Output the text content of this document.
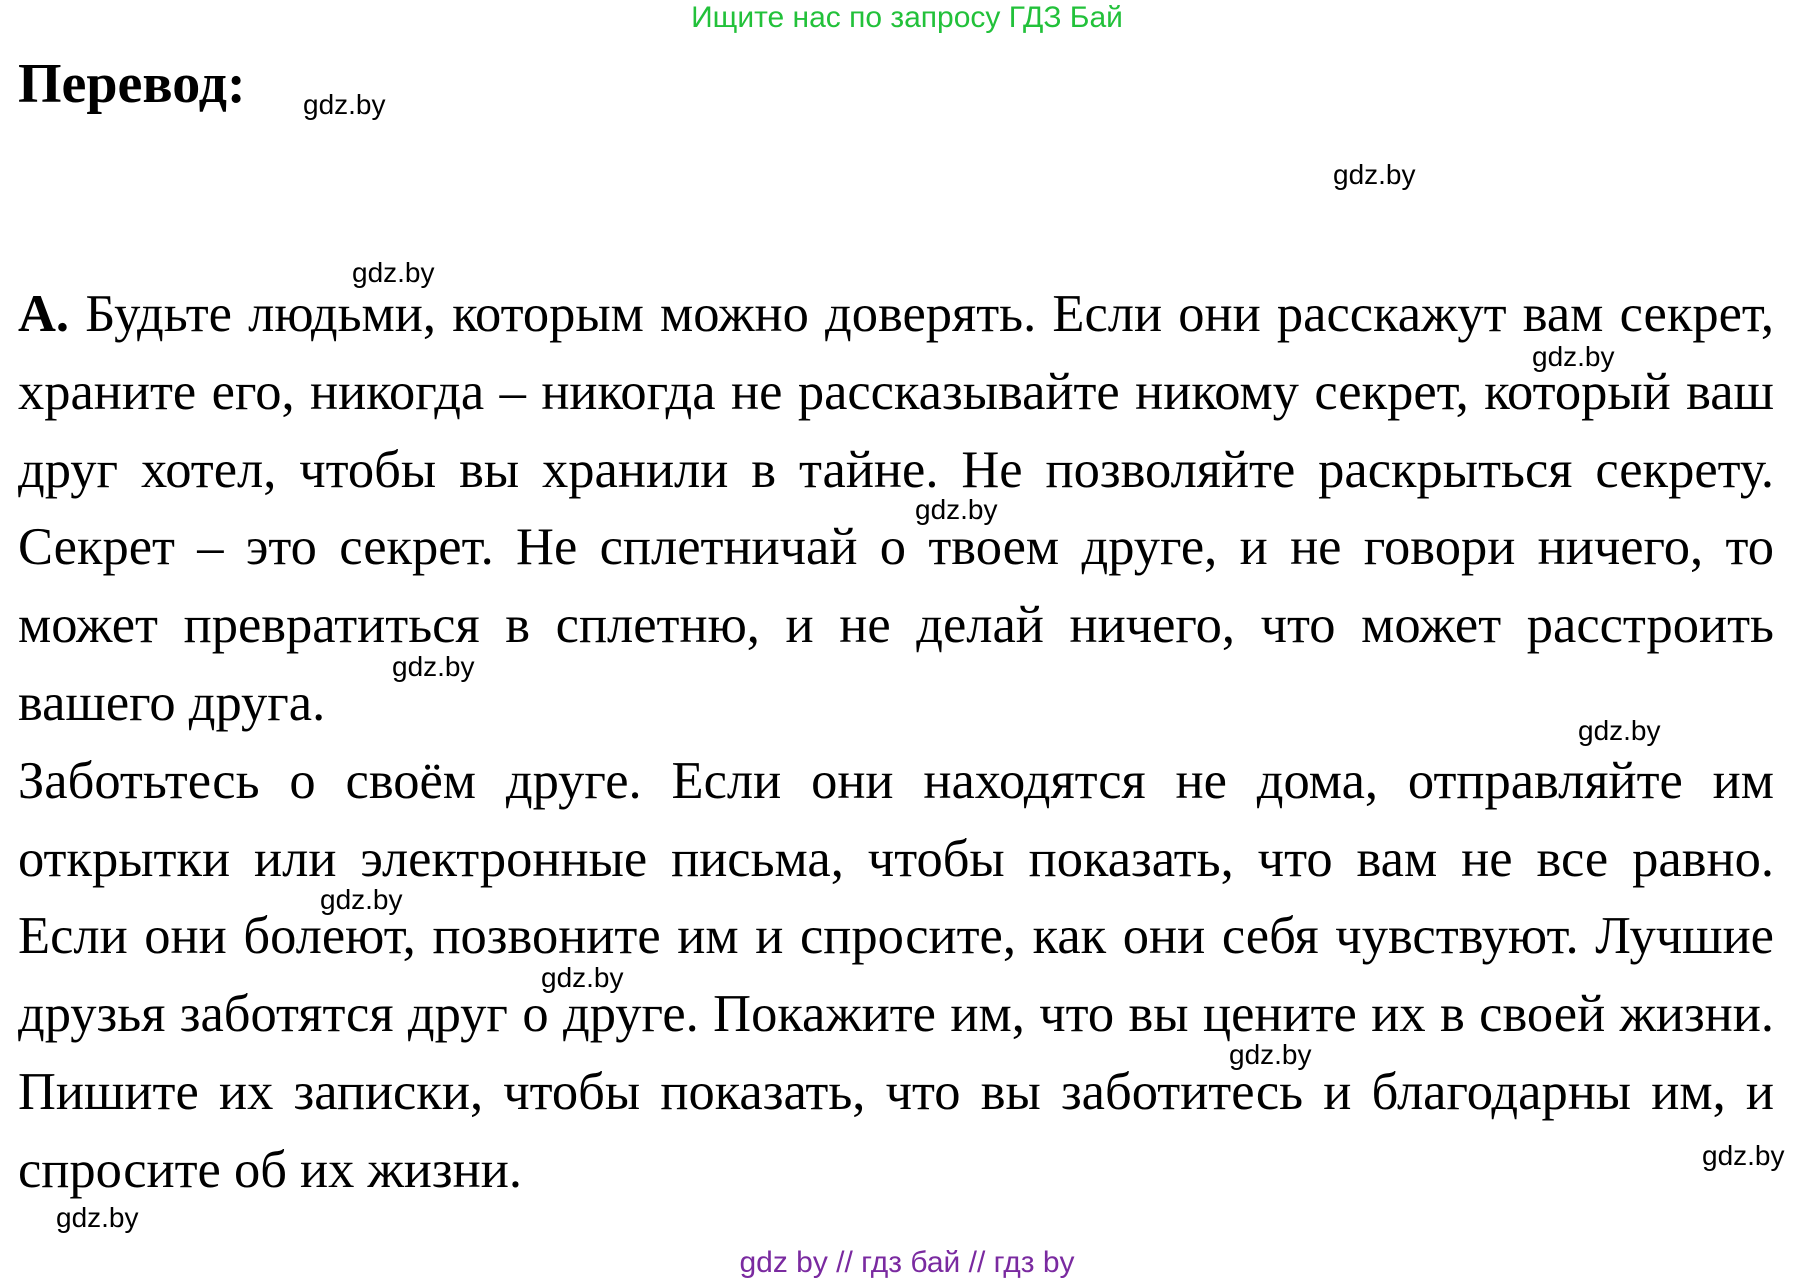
Ищите нас по запросу ГДЗ Бай
Перевод:

A. Будьте людьми, которым можно доверять. Если они расскажут вам секрет, храните его, никогда – никогда не рассказывайте никому секрет, который ваш друг хотел, чтобы вы хранили в тайне. Не позволяйте раскрыться секрету. Секрет – это секрет. Не сплетничай о твоем друге, и не говори ничего, то может превратиться в сплетню, и не делай ничего, что может расстроить вашего друга.

Заботьтесь о своём друге. Если они находятся не дома, отправляйте им открытки или электронные письма, чтобы показать, что вам не все равно. Если они болеют, позвоните им и спросите, как они себя чувствуют. Лучшие друзья заботятся друг о друге. Покажите им, что вы цените их в своей жизни. Пишите их записки, чтобы показать, что вы заботитесь и благодарны им, и спросите об их жизни.

gdz.by
gdz.by
gdz.by
gdz.by
gdz.by
gdz.by
gdz.by
gdz.by
gdz.by
gdz.by
gdz.by
gdz.by
gdz by // гдз бай // гдз by
